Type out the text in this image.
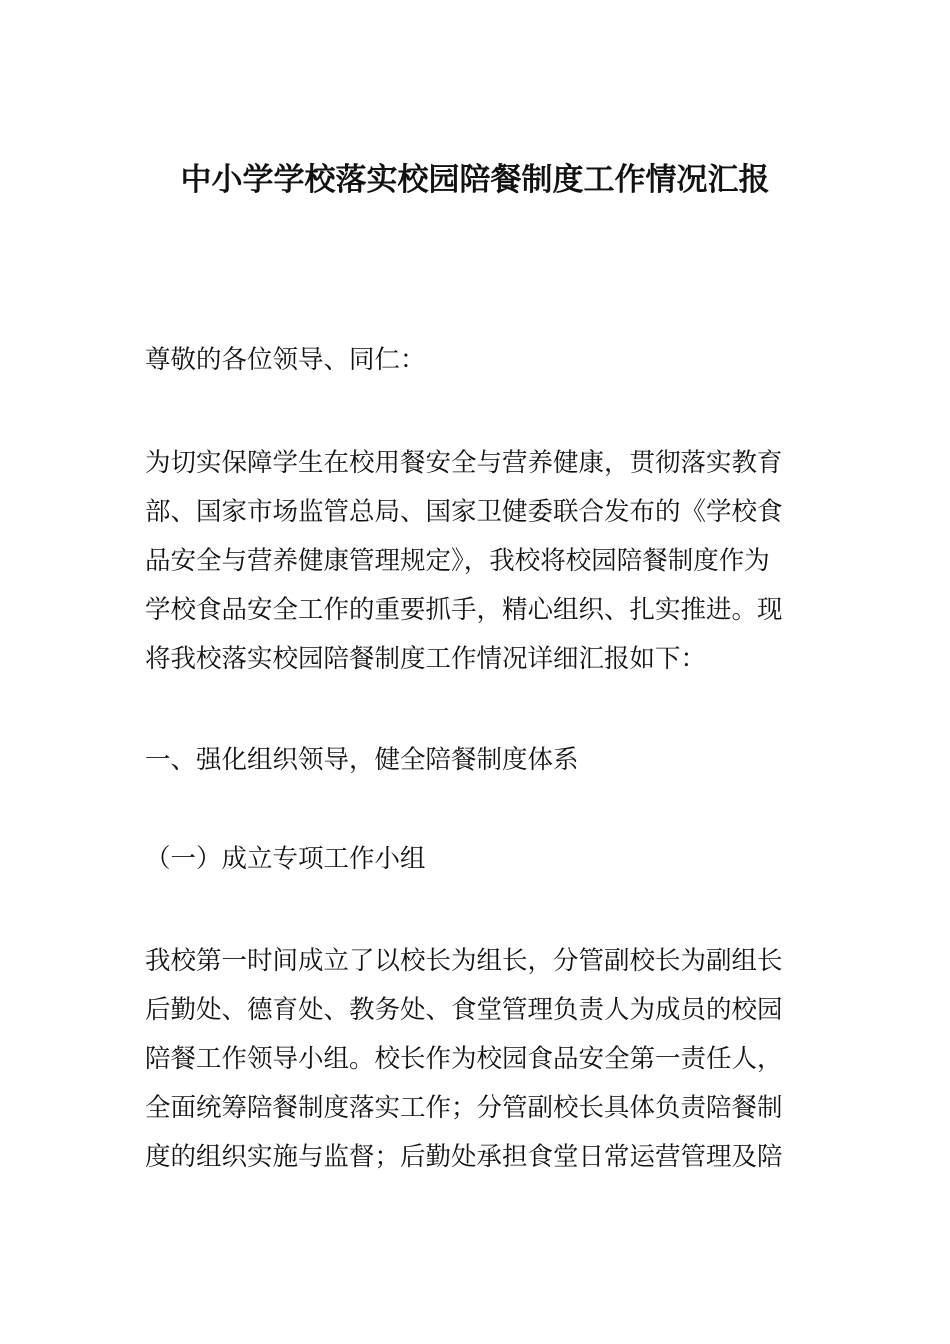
中小学学校落实校园陪餐制度工作情况汇报

尊敬的各位领导、同仁：

为切实保障学生在校用餐安全与营养健康，贯彻落实教育
部、国家市场监管总局、国家卫健委联合发布的《学校食
品安全与营养健康管理规定》，我校将校园陪餐制度作为
学校食品安全工作的重要抓手，精心组织、扎实推进。现
将我校落实校园陪餐制度工作情况详细汇报如下：

一、强化组织领导，健全陪餐制度体系

（一）成立专项工作小组

我校第一时间成立了以校长为组长，分管副校长为副组长
后勤处、德育处、教务处、食堂管理负责人为成员的校园
陪餐工作领导小组。校长作为校园食品安全第一责任人，
全面统筹陪餐制度落实工作；分管副校长具体负责陪餐制
度的组织实施与监督；后勤处承担食堂日常运营管理及陪
